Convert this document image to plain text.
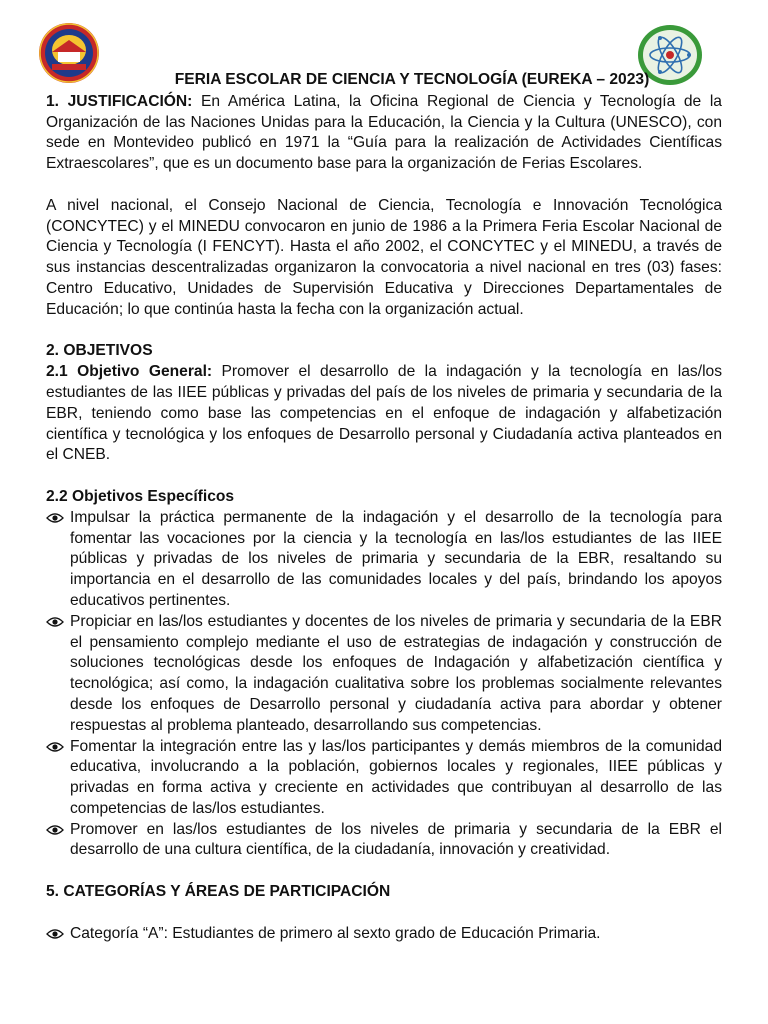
FERIA ESCOLAR DE CIENCIA Y TECNOLOGÍA (EUREKA – 2023)

1. JUSTIFICACIÓN: En América Latina, la Oficina Regional de Ciencia y Tecnología de la Organización de las Naciones Unidas para la Educación, la Ciencia y la Cultura (UNESCO), con sede en Montevideo publicó en 1971 la “Guía para la realización de Actividades Científicas Extraescolares”, que es un documento base para la organización de Ferias Escolares.

A nivel nacional, el Consejo Nacional de Ciencia, Tecnología e Innovación Tecnológica (CONCYTEC) y el MINEDU convocaron en junio de 1986 a la Primera Feria Escolar Nacional de Ciencia y Tecnología (I FENCYT). Hasta el año 2002, el CONCYTEC y el MINEDU, a través de sus instancias descentralizadas organizaron la convocatoria a nivel nacional en tres (03) fases: Centro Educativo, Unidades de Supervisión Educativa y Direcciones Departamentales de Educación; lo que continúa hasta la fecha con la organización actual.

2. OBJETIVOS

2.1 Objetivo General: Promover el desarrollo de la indagación y la tecnología en las/los estudiantes de las IIEE públicas y privadas del país de los niveles de primaria y secundaria de la EBR, teniendo como base las competencias en el enfoque de indagación y alfabetización científica y tecnológica y los enfoques de Desarrollo personal y Ciudadanía activa planteados en el CNEB.

2.2 Objetivos Específicos
Impulsar la práctica permanente de la indagación y el desarrollo de la tecnología para fomentar las vocaciones por la ciencia y la tecnología en las/los estudiantes de las IIEE públicas y privadas de los niveles de primaria y secundaria de la EBR, resaltando su importancia en el desarrollo de las comunidades locales y del país, brindando los apoyos educativos pertinentes.
Propiciar en las/los estudiantes y docentes de los niveles de primaria y secundaria de la EBR el pensamiento complejo mediante el uso de estrategias de indagación y construcción de soluciones tecnológicas desde los enfoques de Indagación y alfabetización científica y tecnológica; así como, la indagación cualitativa sobre los problemas socialmente relevantes desde los enfoques de Desarrollo personal y ciudadanía activa para abordar y obtener respuestas al problema planteado, desarrollando sus competencias.
Fomentar la integración entre las y las/los participantes y demás miembros de la comunidad educativa, involucrando a la población, gobiernos locales y regionales, IIEE públicas y privadas en forma activa y creciente en actividades que contribuyan al desarrollo de las competencias de las/los estudiantes.
Promover en las/los estudiantes de los niveles de primaria y secundaria de la EBR el desarrollo de una cultura científica, de la ciudadanía, innovación y creatividad.
5. CATEGORÍAS Y ÁREAS DE PARTICIPACIÓN
Categoría “A”: Estudiantes de primero al sexto grado de Educación Primaria.
